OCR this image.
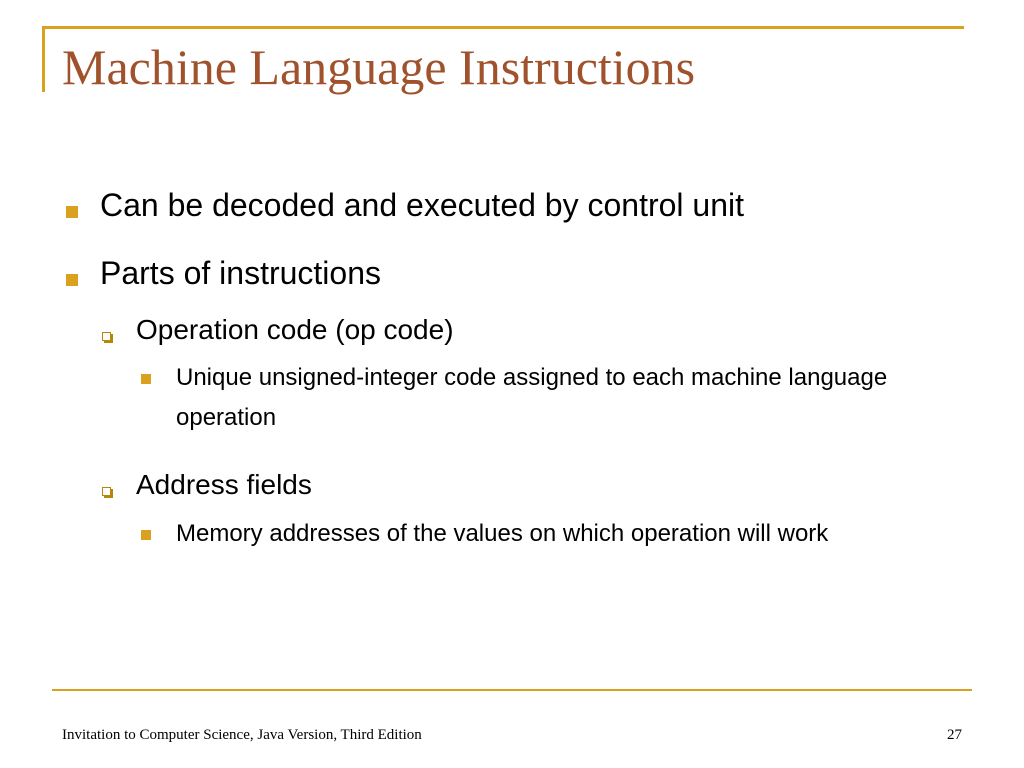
Machine Language Instructions

Can be decoded and executed by control unit

Parts of instructions

Operation code (op code)

Unique unsigned-integer code assigned to each machine language operation

Address fields

Memory addresses of the values on which operation will work

Invitation to Computer Science, Java Version, Third Edition	27
